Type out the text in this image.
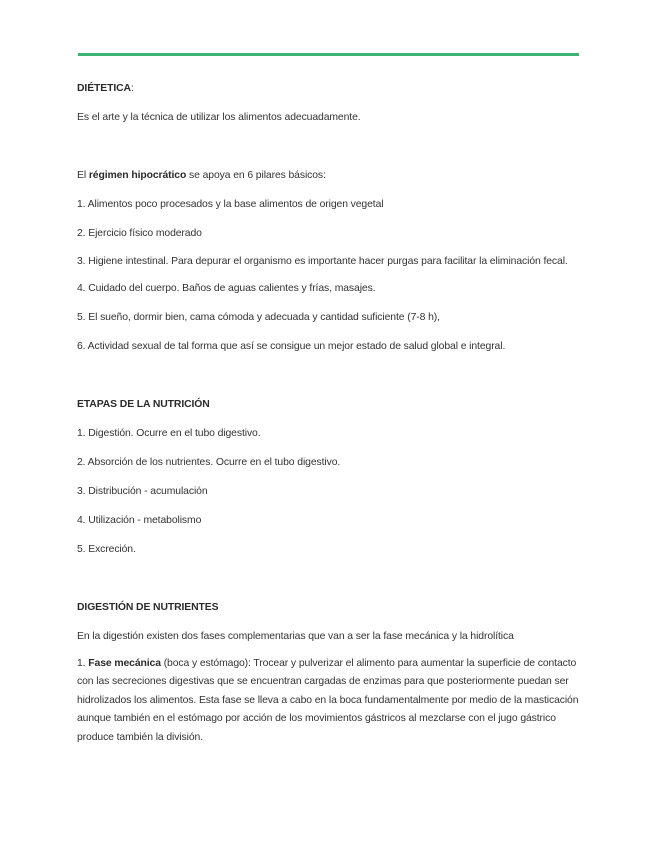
DIÉTETICA:

Es el arte y la técnica de utilizar los alimentos adecuadamente.

El régimen hipocrático se apoya en 6 pilares básicos:

1. Alimentos poco procesados y la base alimentos de origen vegetal

2. Ejercicio físico moderado

3. Higiene intestinal. Para depurar el organismo es importante hacer purgas para facilitar la eliminación fecal.

4. Cuidado del cuerpo. Baños de aguas calientes y frías, masajes.

5. El sueño, dormir bien, cama cómoda y adecuada y cantidad suficiente (7-8 h),

6. Actividad sexual de tal forma que así se consigue un mejor estado de salud global e integral.

ETAPAS DE LA NUTRICIÓN

1. Digestión. Ocurre en el tubo digestivo.

2. Absorción de los nutrientes. Ocurre en el tubo digestivo.

3. Distribución - acumulación

4. Utilización - metabolismo

5. Excreción.

DIGESTIÓN DE NUTRIENTES

En la digestión existen dos fases complementarias que van a ser la fase mecánica y la hidrolítica

1. Fase mecánica (boca y estómago): Trocear y pulverizar el alimento para aumentar la superficie de contacto con las secreciones digestivas que se encuentran cargadas de enzimas para que posteriormente puedan ser hidrolizados los alimentos. Esta fase se lleva a cabo en la boca fundamentalmente por medio de la masticación aunque también en el estómago por acción de los movimientos gástricos al mezclarse con el jugo gástrico produce también la división.
